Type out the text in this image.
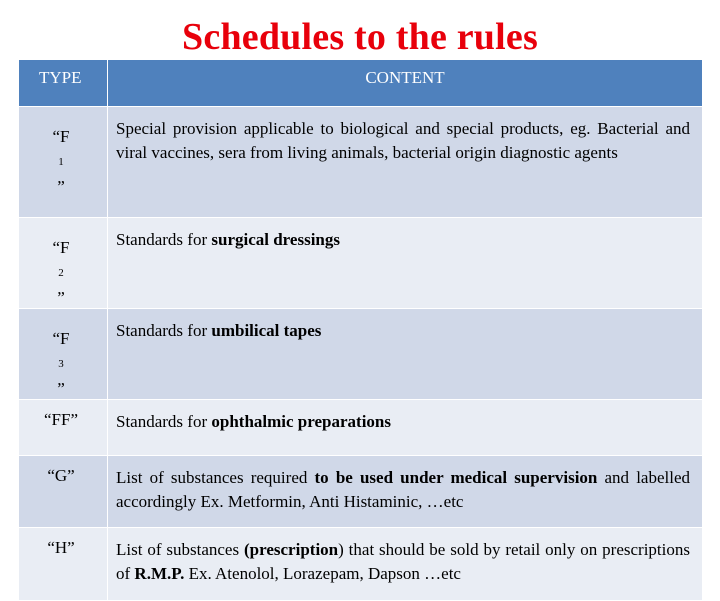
Schedules to the rules
TYPE	CONTENT

“F
$_1$
”	Special provision applicable to biological and special products, eg. Bacterial and viral vaccines, sera from living animals, bacterial origin diagnostic agents

“F
$_2$
”	Standards for surgical dressings

“F
$_3$
”	Standards for umbilical tapes

“FF”	Standards for ophthalmic preparations

“G”	List of substances required to be used under medical supervision and labelled accordingly Ex. Metformin, Anti Histaminic, …etc

“H”	List of substances (prescription) that should be sold by retail only on prescriptions of R.M.P. Ex. Atenolol, Lorazepam, Dapson …etc
